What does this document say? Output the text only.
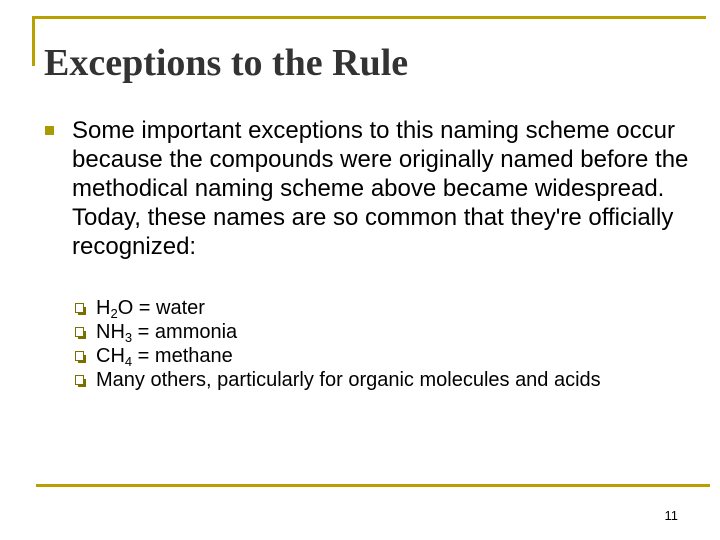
Exceptions to the Rule

Some important exceptions to this naming scheme occur because the compounds were originally named before the methodical naming scheme above became widespread. Today, these names are so common that they're officially recognized:

$H_2O$ = water
$NH_3$ = ammonia
$CH_4$ = methane
Many others, particularly for organic molecules and acids
11
